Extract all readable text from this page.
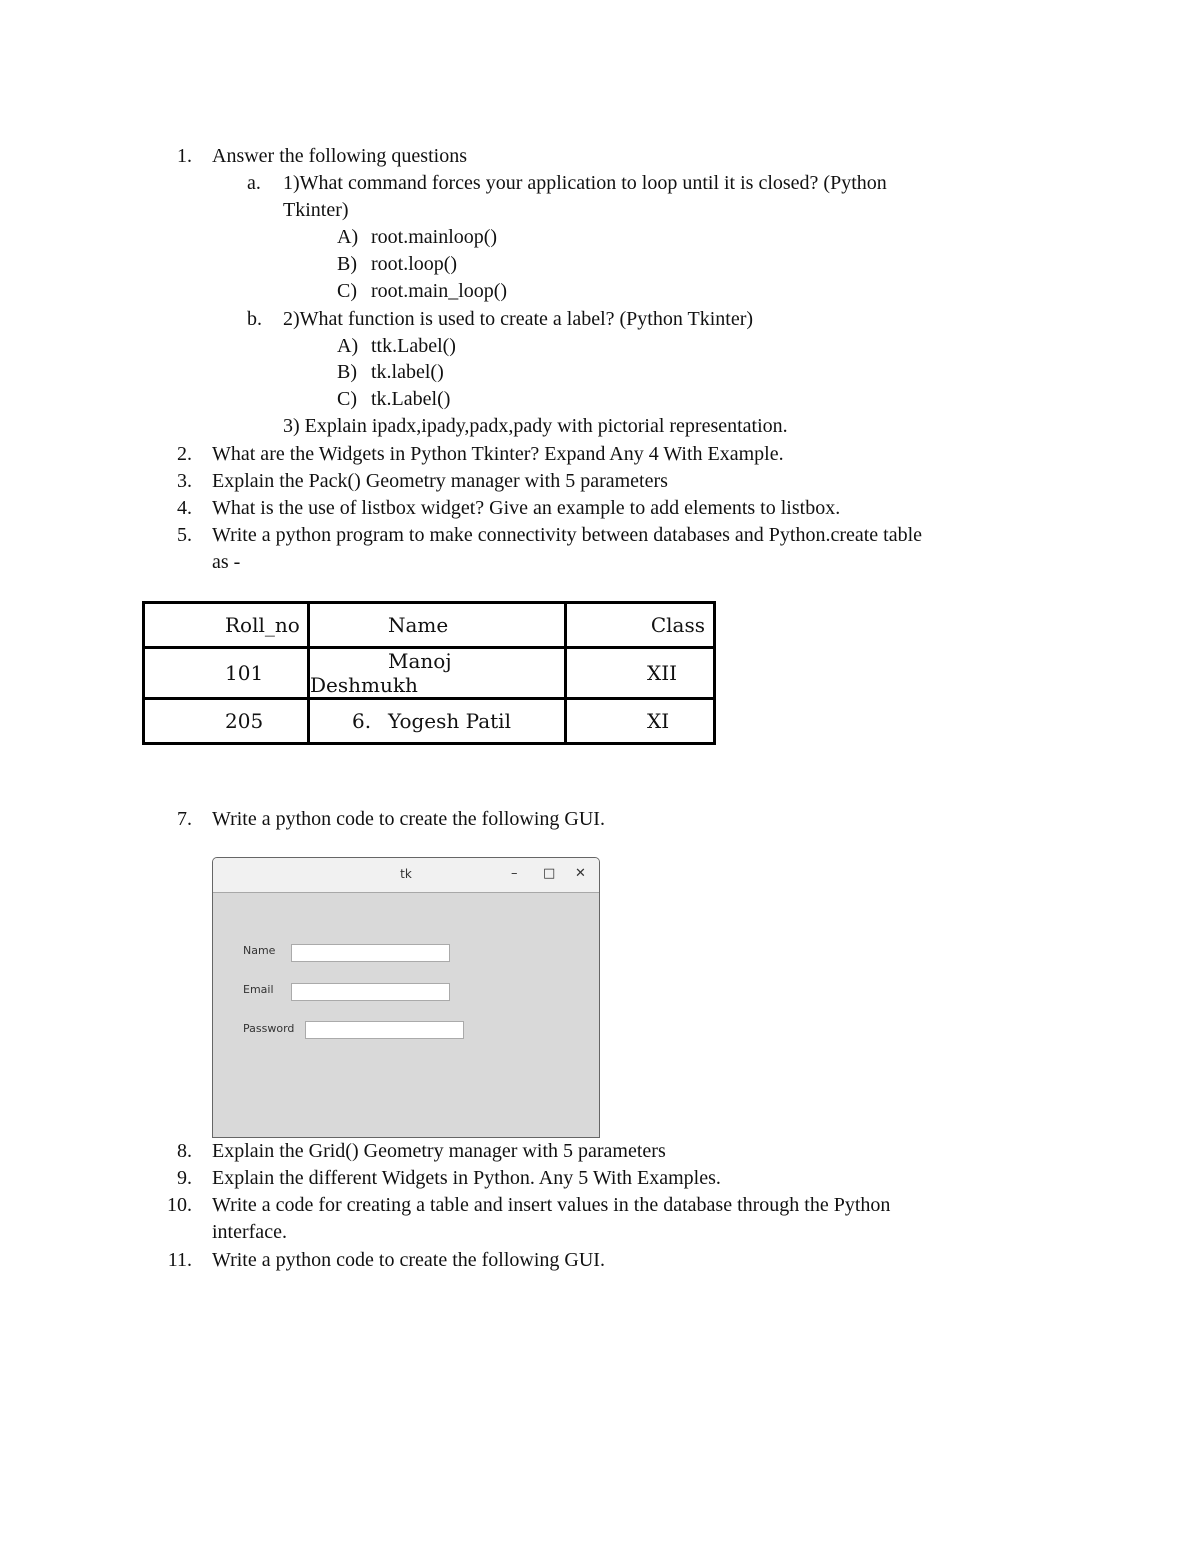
1. Answer the following questions
a. 1)What command forces your application to loop until it is closed? (Python
Tkinter)
A) root.mainloop()
B) root.loop()
C) root.main_loop()
b. 2)What function is used to create a label? (Python Tkinter)
A) ttk.Label()
B) tk.label()
C) tk.Label()
3) Explain ipadx,ipady,padx,pady with pictorial representation.
2. What are the Widgets in Python Tkinter? Expand Any 4 With Example.
3. Explain the Pack() Geometry manager with 5 parameters
4. What is the use of listbox widget? Give an example to add elements to listbox.
5. Write a python program to make connectivity between databases and Python.create table
as -
Roll_no	Name	Class
101	Manoj Deshmukh	XII
205	6. Yogesh Patil	XI
7. Write a python code to create the following GUI.
tk	– □ ✕
Name
Email
Password
8. Explain the Grid() Geometry manager with 5 parameters
9. Explain the different Widgets in Python. Any 5 With Examples.
10. Write a code for creating a table and insert values in the database through the Python
interface.
11. Write a python code to create the following GUI.
